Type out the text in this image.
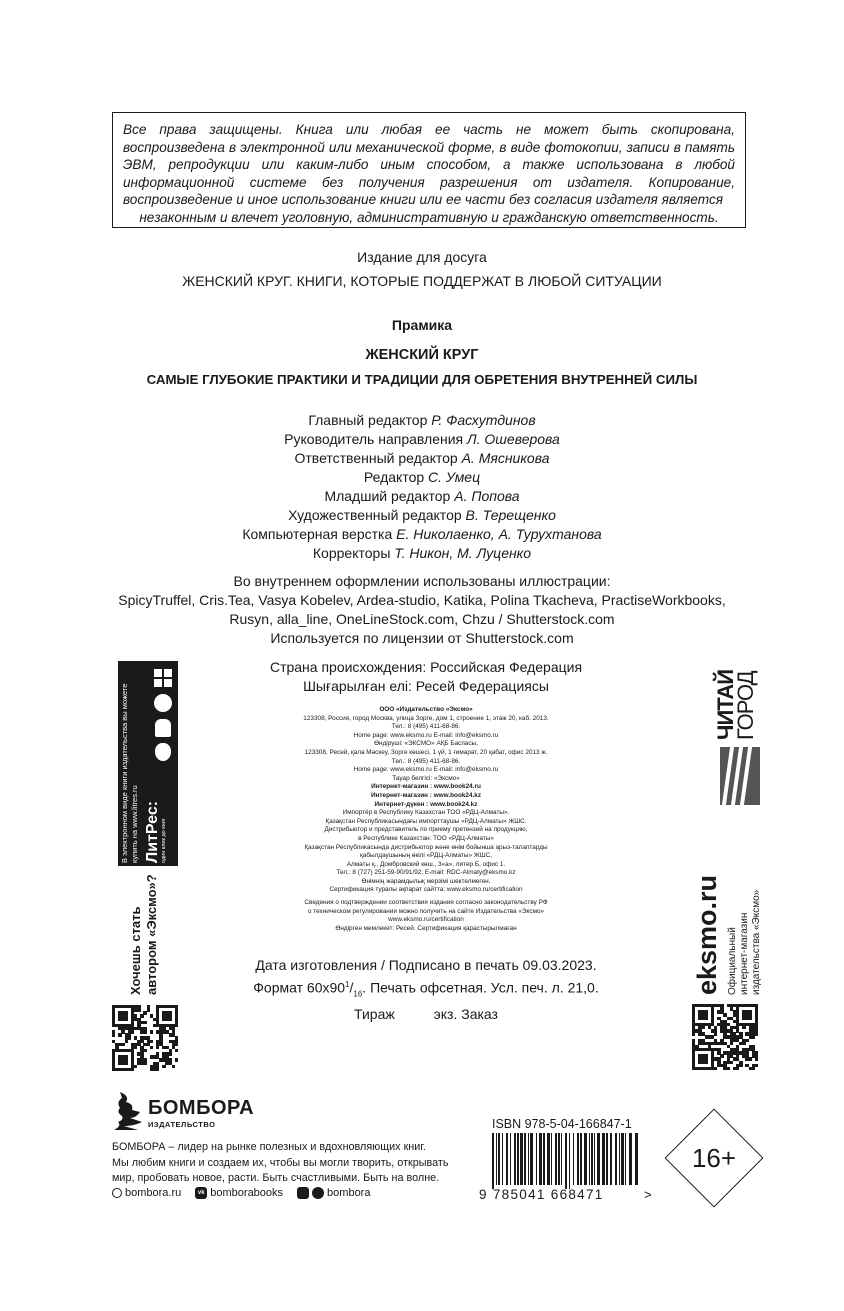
Все права защищены. Книга или любая ее часть не может быть скопирована, воспроизведена в электронной или механической форме, в виде фотокопии, записи в память ЭВМ, репродукции или каким-либо иным способом, а также использована в любой информационной системе без получения разрешения от издателя. Копирование, воспроизведение и иное использование книги или ее части без согласия издателя является
незаконным и влечет уголовную, административную и гражданскую ответственность.
Издание для досуга
ЖЕНСКИЙ КРУГ. КНИГИ, КОТОРЫЕ ПОДДЕРЖАТ В ЛЮБОЙ СИТУАЦИИ
Прамика
ЖЕНСКИЙ КРУГ
САМЫЕ ГЛУБОКИЕ ПРАКТИКИ И ТРАДИЦИИ ДЛЯ ОБРЕТЕНИЯ ВНУТРЕННЕЙ СИЛЫ
Главный редактор Р. Фасхутдинов
Руководитель направления Л. Ошеверова
Ответственный редактор А. Мясникова
Редактор С. Умец
Младший редактор А. Попова
Художественный редактор В. Терещенко
Компьютерная верстка Е. Николаенко, А. Турухтанова
Корректоры Т. Никон, М. Луценко
Во внутреннем оформлении использованы иллюстрации:
SpicyTruffel, Cris.Tea, Vasya Kobelev, Ardea-studio, Katika, Polina Tkacheva, PractiseWorkbooks,
Rusyn, alla_line, OneLineStock.com, Chzu / Shutterstock.com
Используется по лицензии от Shutterstock.com
Страна происхождения: Российская Федерация
Шығарылған елі: Ресей Федерациясы
ООО «Издательство «Эксмо»
123308, Россия, город Москва, улица Зорге, дом 1, строение 1, этаж 20, каб. 2013.
Тел.: 8 (495) 411-68-86.
Home page: www.eksmo.ru E-mail: info@eksmo.ru
Өндіруші: «ЭКСМО» АҚБ Баспасы,
123308, Ресей, қала Мәскеу, Зорге көшесі, 1 үй, 1 ғимарат, 20 қабат, офис 2013 ж.
Тел.: 8 (495) 411-68-86.
Home page: www.eksmo.ru E-mail: info@eksmo.ru
Тауар белгісі: «Эксмо»
Интернет-магазин : www.book24.ru
Интернет-магазин : www.book24.kz
Интернет-дүкен : www.book24.kz
Импортёр в Республику Казахстан ТОО «РДЦ-Алматы».
Қазақстан Республикасындағы импорттаушы «РДЦ-Алматы» ЖШС.
Дистрибьютор и представитель по приему претензий на продукцию,
в Республике Казахстан: ТОО «РДЦ-Алматы»
Қазақстан Республикасында дистрибьютор және өнім бойынша арыз-талаптарды
қабылдаушының өкілі «РДЦ-Алматы» ЖШС,
Алматы қ., Домбровский көш., 3«а», литер Б, офис 1.
Тел.: 8 (727) 251-59-90/91/92; E-mail: RDC-Almaty@eksmo.kz
Өнімнің жарамдылық мерзімі шектелмеген.
Сертификация туралы ақпарат сайтта: www.eksmo.ru/certification
Сведения о подтверждении соответствия издания согласно законодательству РФ
о техническом регулировании можно получить на сайте Издательства «Эксмо»
www.eksmo.ru/certification
Өндірген мемлекет: Ресей. Сертификация қарастырылмаған
Дата изготовления / Подписано в печать 09.03.2023.
Формат $60x90^1/_{16}$. Печать офсетная. Усл. печ. л. 21,0.
Тираж          экз. Заказ
В электронном виде книги издательства вы можете купить на www.litres.ru ЛитРес: один клик до книг
Хочешь стать автором «Эксмо»?
ЧИТАЙ
ГОРОД
eksmo.ru Официальный интернет-магазин издательства «Эксмо»
БОМБОРА
ИЗДАТЕЛЬСТВО
БОМБОРА – лидер на рынке полезных и вдохновляющих книг.
Мы любим книги и создаем их, чтобы вы могли творить, открывать
мир, пробовать новое, расти. Быть счастливыми. Быть на волне.
bombora.ru	vk bomborabooks	bombora
ISBN 978-5-04-166847-1
9 785041 668471	>
16+
